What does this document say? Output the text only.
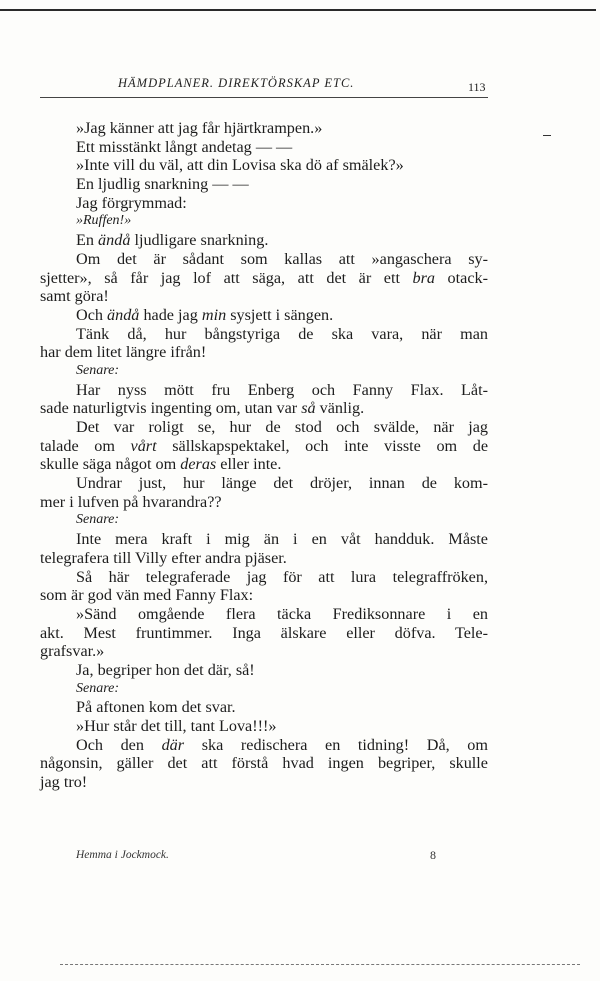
HÄMDPLANER. DIREKTÖRSKAP ETC.	113
»Jag känner att jag får hjärtkrampen.»
Ett misstänkt långt andetag — —
»Inte vill du väl, att din Lovisa ska dö af smälek?»
En ljudlig snarkning — —
Jag förgrymmad:
»Ruffen!»
En ändå ljudligare snarkning.
Om det är sådant som kallas att »angaschera sy-
sjetter», så får jag lof att säga, att det är ett bra otack-
samt göra!
Och ändå hade jag min sysjett i sängen.
Tänk då, hur bångstyriga de ska vara, när man
har dem litet längre ifrån!
Senare:
Har nyss mött fru Enberg och Fanny Flax. Låt-
sade naturligtvis ingenting om, utan var så vänlig.
Det var roligt se, hur de stod och svälde, när jag
talade om vårt sällskapspektakel, och inte visste om de
skulle säga något om deras eller inte.
Undrar just, hur länge det dröjer, innan de kom-
mer i lufven på hvarandra??
Senare:
Inte mera kraft i mig än i en våt handduk. Måste
telegrafera till Villy efter andra pjäser.
Så här telegraferade jag för att lura telegraffröken,
som är god vän med Fanny Flax:
»Sänd omgående flera täcka Frediksonnare i en
akt. Mest fruntimmer. Inga älskare eller döfva. Tele-
grafsvar.»
Ja, begriper hon det där, så!
Senare:
På aftonen kom det svar.
»Hur står det till, tant Lova!!!»
Och den där ska redischera en tidning! Då, om
någonsin, gäller det att förstå hvad ingen begriper, skulle
jag tro!
Hemma i Jockmock.	8
